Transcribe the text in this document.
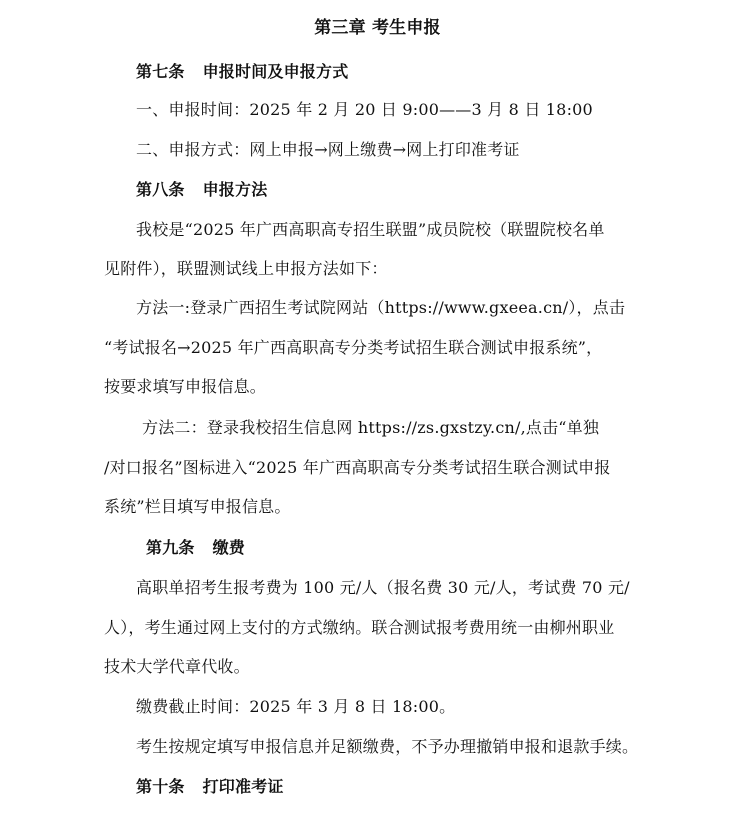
第三章 考生申报
第七条 申报时间及申报方式
一、申报时间：2025 年 2 月 20 日 9:00——3 月 8 日 18:00
二、申报方式：网上申报→网上缴费→网上打印准考证
第八条 申报方法
我校是“2025 年广西高职高专招生联盟”成员院校（联盟院校名单
见附件），联盟测试线上申报方法如下：
方法一:登录广西招生考试院网站（https://www.gxeea.cn/），点击
“考试报名→2025 年广西高职高专分类考试招生联合测试申报系统”，
按要求填写申报信息。
方法二：登录我校招生信息网 https://zs.gxstzy.cn/,点击“单独
/对口报名”图标进入“2025 年广西高职高专分类考试招生联合测试申报
系统”栏目填写申报信息。
第九条 缴费
高职单招考生报考费为 100 元/人（报名费 30 元/人，考试费 70 元/
人），考生通过网上支付的方式缴纳。联合测试报考费用统一由柳州职业
技术大学代章代收。
缴费截止时间：2025 年 3 月 8 日 18:00。
考生按规定填写申报信息并足额缴费，不予办理撤销申报和退款手续。
第十条 打印准考证
